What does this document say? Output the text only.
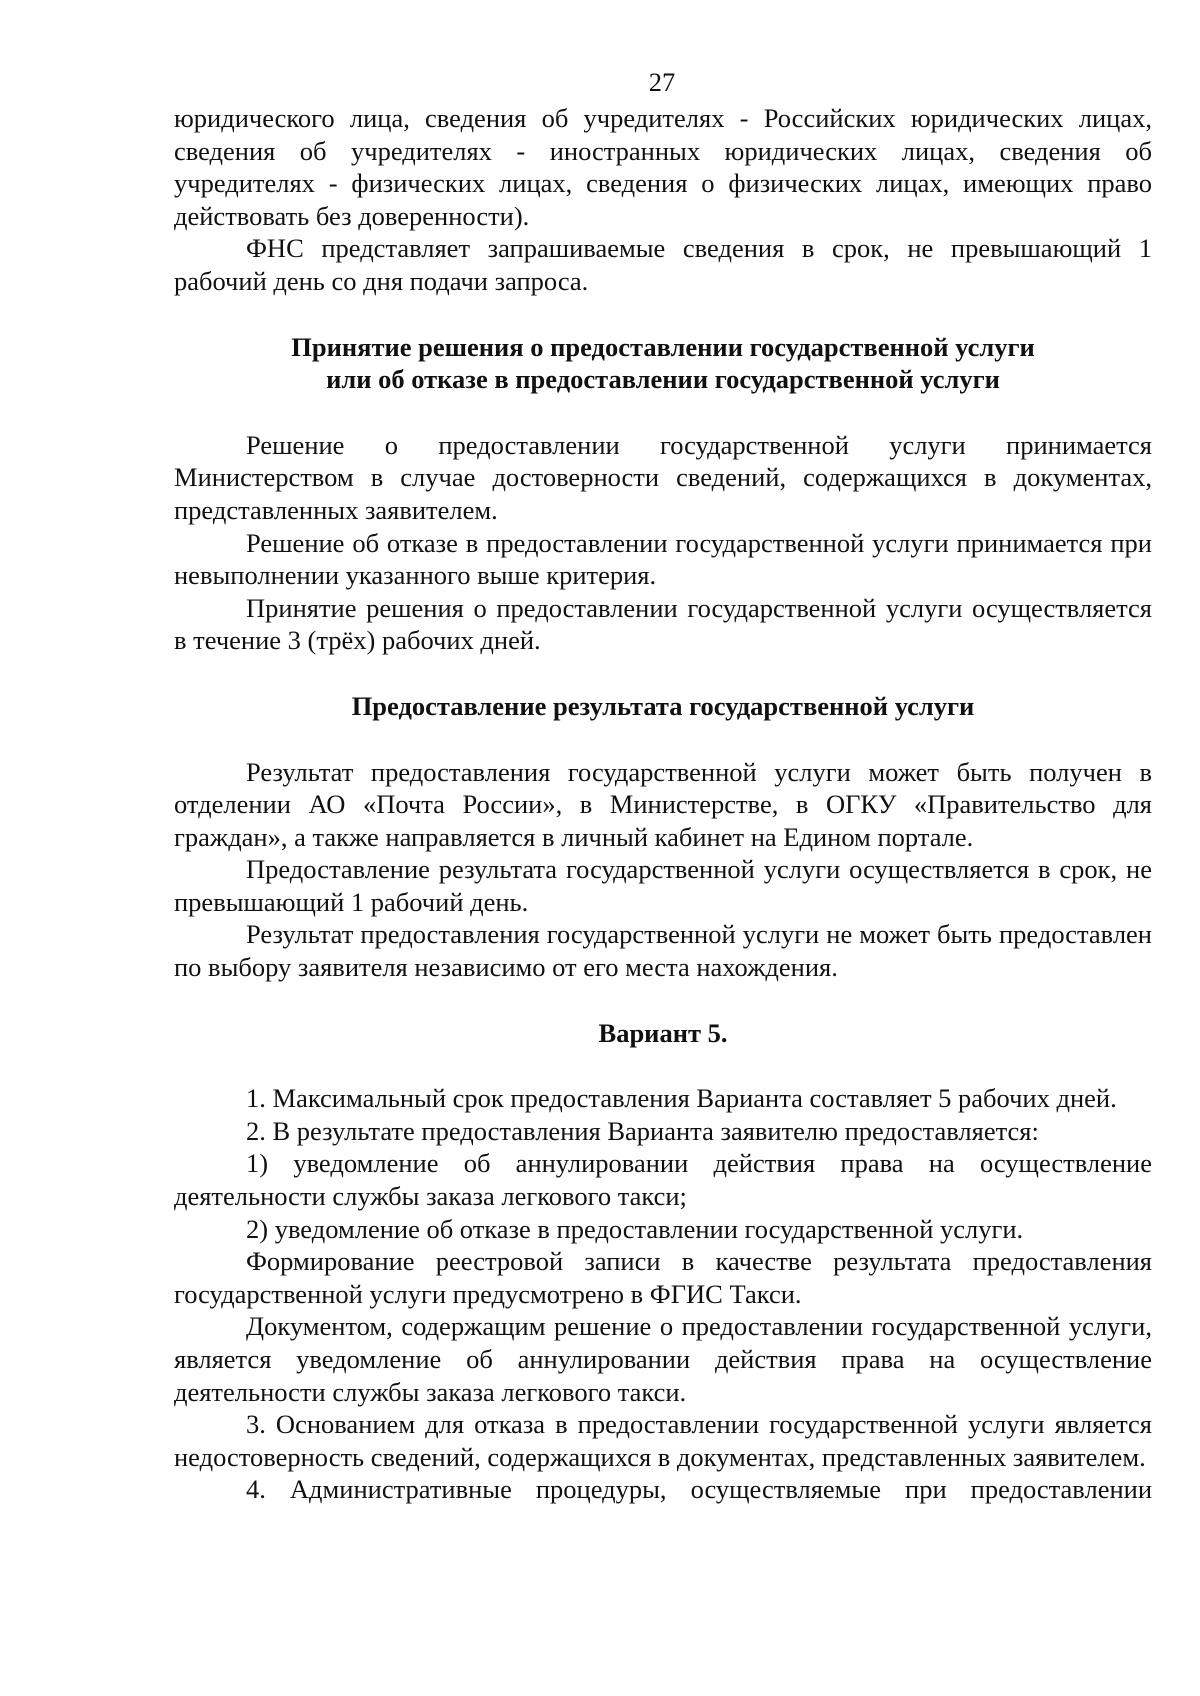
27

юридического лица, сведения об учредителях - Российских юридических лицах, сведения об учредителях - иностранных юридических лицах, сведения об учредителях - физических лицах, сведения о физических лицах, имеющих право действовать без доверенности).

ФНС представляет запрашиваемые сведения в срок, не превышающий 1 рабочий день со дня подачи запроса.

Принятие решения о предоставлении государственной услуги
или об отказе в предоставлении государственной услуги

Решение о предоставлении государственной услуги принимается Министерством в случае достоверности сведений, содержащихся в документах, представленных заявителем.

Решение об отказе в предоставлении государственной услуги принимается при невыполнении указанного выше критерия.

Принятие решения о предоставлении государственной услуги осуществляется в течение 3 (трёх) рабочих дней.

Предоставление результата государственной услуги

Результат предоставления государственной услуги может быть получен в отделении АО «Почта России», в Министерстве, в ОГКУ «Правительство для граждан», а также направляется в личный кабинет на Едином портале.

Предоставление результата государственной услуги осуществляется в срок, не превышающий 1 рабочий день.

Результат предоставления государственной услуги не может быть предоставлен по выбору заявителя независимо от его места нахождения.

Вариант 5.

1. Максимальный срок предоставления Варианта составляет 5 рабочих дней.

2. В результате предоставления Варианта заявителю предоставляется:

1) уведомление об аннулировании действия права на осуществление деятельности службы заказа легкового такси;

2) уведомление об отказе в предоставлении государственной услуги.

Формирование реестровой записи в качестве результата предоставления государственной услуги предусмотрено в ФГИС Такси.

Документом, содержащим решение о предоставлении государственной услуги, является уведомление об аннулировании действия права на осуществление деятельности службы заказа легкового такси.

3. Основанием для отказа в предоставлении государственной услуги является недостоверность сведений, содержащихся в документах, представленных заявителем.

4. Административные процедуры, осуществляемые при предоставлении
